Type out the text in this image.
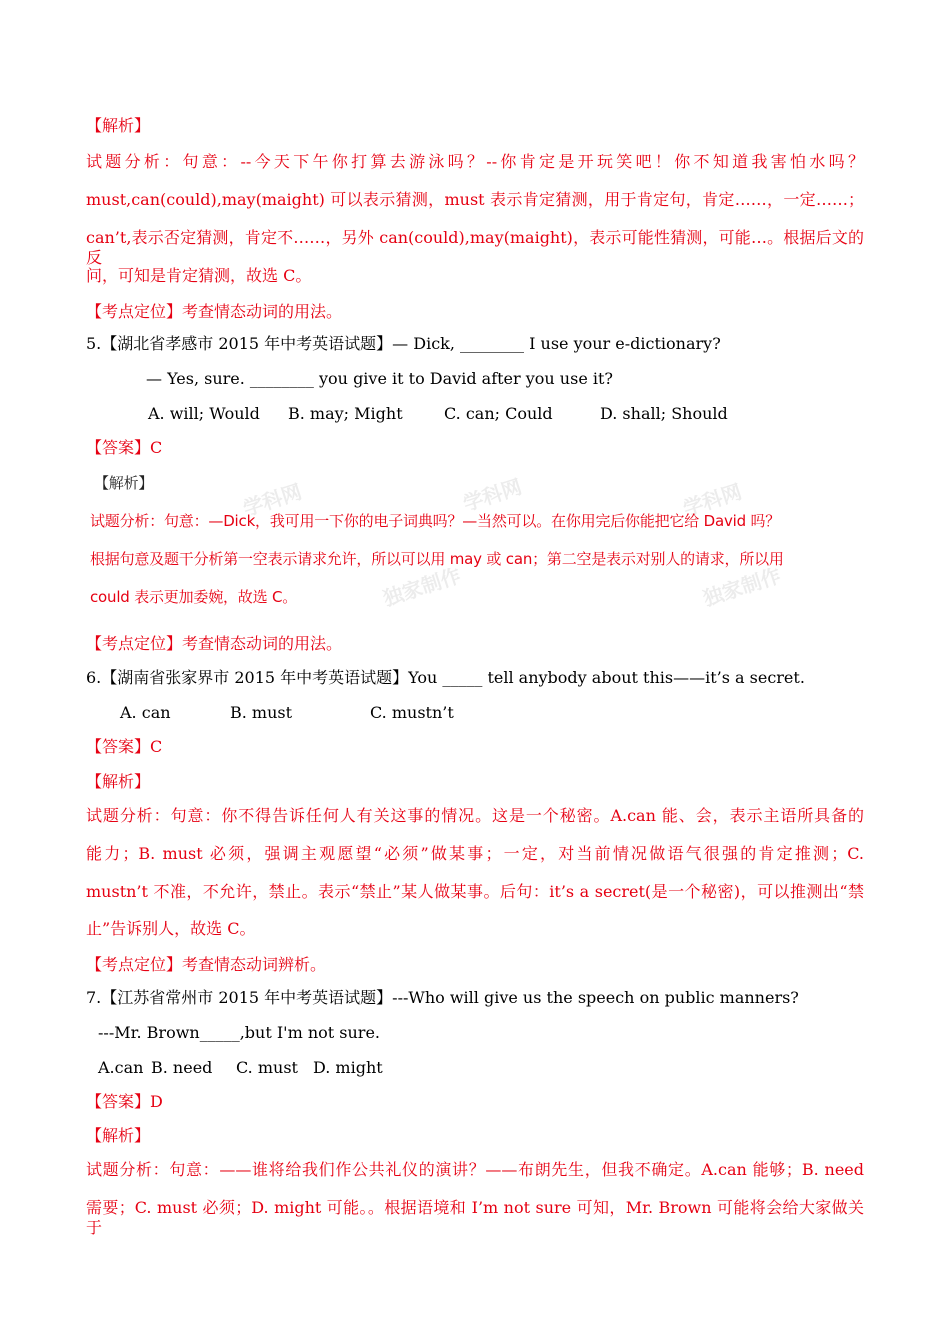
【解析】
试题分析：句意：--今天下午你打算去游泳吗？--你肯定是开玩笑吧！你不知道我害怕水吗？
must,can(could),may(maight) 可以表示猜测，must 表示肯定猜测，用于肯定句，肯定……，一定……；
can’t,表示否定猜测，肯定不……，另外 can(could),may(maight)，表示可能性猜测，可能…。根据后文的反
问，可知是肯定猜测，故选 C。
【考点定位】考查情态动词的用法。
5.【湖北省孝感市 2015 年中考英语试题】— Dick, ________ I use your e-dictionary?
— Yes, sure. ________ you give it to David after you use it?
A. will; Would B. may; Might	C. can; Could	D. shall; Should
【答案】C
学科网	学科网	学科网
独家制作	独家制作
【解析】
试题分析：句意：—Dick，我可用一下你的电子词典吗？—当然可以。在你用完后你能把它给 David 吗？
根据句意及题干分析第一空表示请求允许，所以可以用 may 或 can；第二空是表示对别人的请求，所以用
could 表示更加委婉，故选 C。
【考点定位】考查情态动词的用法。
6.【湖南省张家界市 2015 年中考英语试题】You _____ tell anybody about this——it’s a secret.
A. can	B. must	C. mustn’t
【答案】C
【解析】
试题分析：句意：你不得告诉任何人有关这事的情况。这是一个秘密。A.can 能、会，表示主语所具备的
能力；B. must 必须，强调主观愿望“必须”做某事；一定，对当前情况做语气很强的肯定推测；C.
mustn’t 不准，不允许，禁止。表示“禁止”某人做某事。后句：it’s a secret(是一个秘密)，可以推测出“禁
止”告诉别人，故选 C。
【考点定位】考查情态动词辨析。
7.【江苏省常州市 2015 年中考英语试题】---Who will give us the speech on public manners?
---Mr. Brown_____,but I'm not sure.
A.can B. need C. must D. might
【答案】D
【解析】
试题分析：句意：——谁将给我们作公共礼仪的演讲？——布朗先生，但我不确定。A.can 能够；B. need
需要；C. must 必须；D. might 可能。。根据语境和 I’m not sure 可知，Mr. Brown 可能将会给大家做关于
